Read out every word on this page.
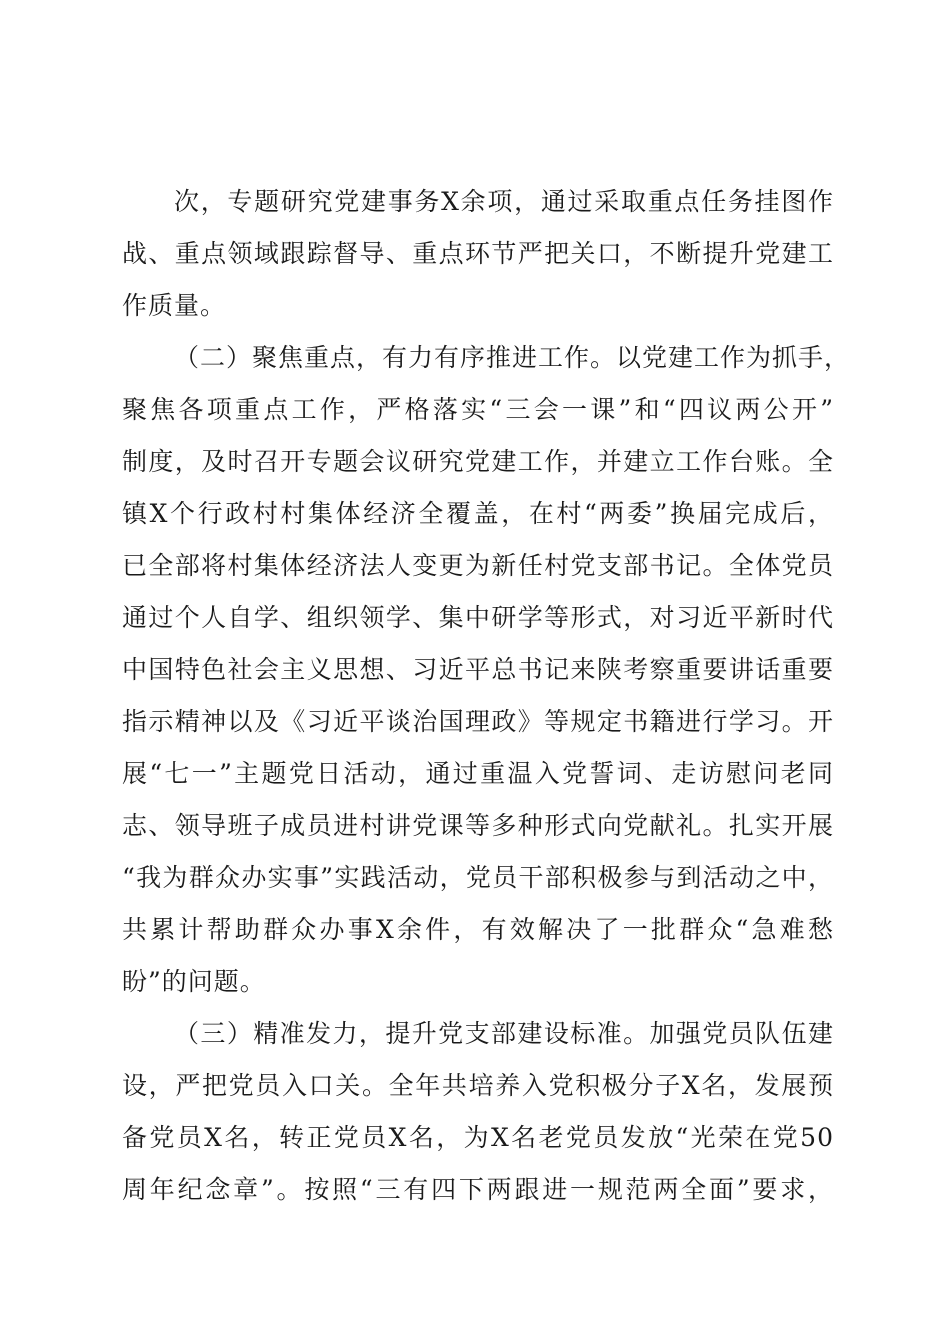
次，专题研究党建事务X余项，通过采取重点任务挂图作
战、重点领域跟踪督导、重点环节严把关口，不断提升党建工
作质量。
（二）聚焦重点，有力有序推进工作。以党建工作为抓手，
聚焦各项重点工作，严格落实“三会一课”和“四议两公开”
制度，及时召开专题会议研究党建工作，并建立工作台账。全
镇X个行政村村集体经济全覆盖，在村“两委”换届完成后，
已全部将村集体经济法人变更为新任村党支部书记。全体党员
通过个人自学、组织领学、集中研学等形式，对习近平新时代
中国特色社会主义思想、习近平总书记来陕考察重要讲话重要
指示精神以及《习近平谈治国理政》等规定书籍进行学习。开
展“七一”主题党日活动，通过重温入党誓词、走访慰问老同
志、领导班子成员进村讲党课等多种形式向党献礼。扎实开展
“我为群众办实事”实践活动，党员干部积极参与到活动之中，
共累计帮助群众办事X余件，有效解决了一批群众“急难愁
盼”的问题。
（三）精准发力，提升党支部建设标准。加强党员队伍建
设，严把党员入口关。全年共培养入党积极分子X名，发展预
备党员X名，转正党员X名，为X名老党员发放“光荣在党50
周年纪念章”。按照“三有四下两跟进一规范两全面”要求，
